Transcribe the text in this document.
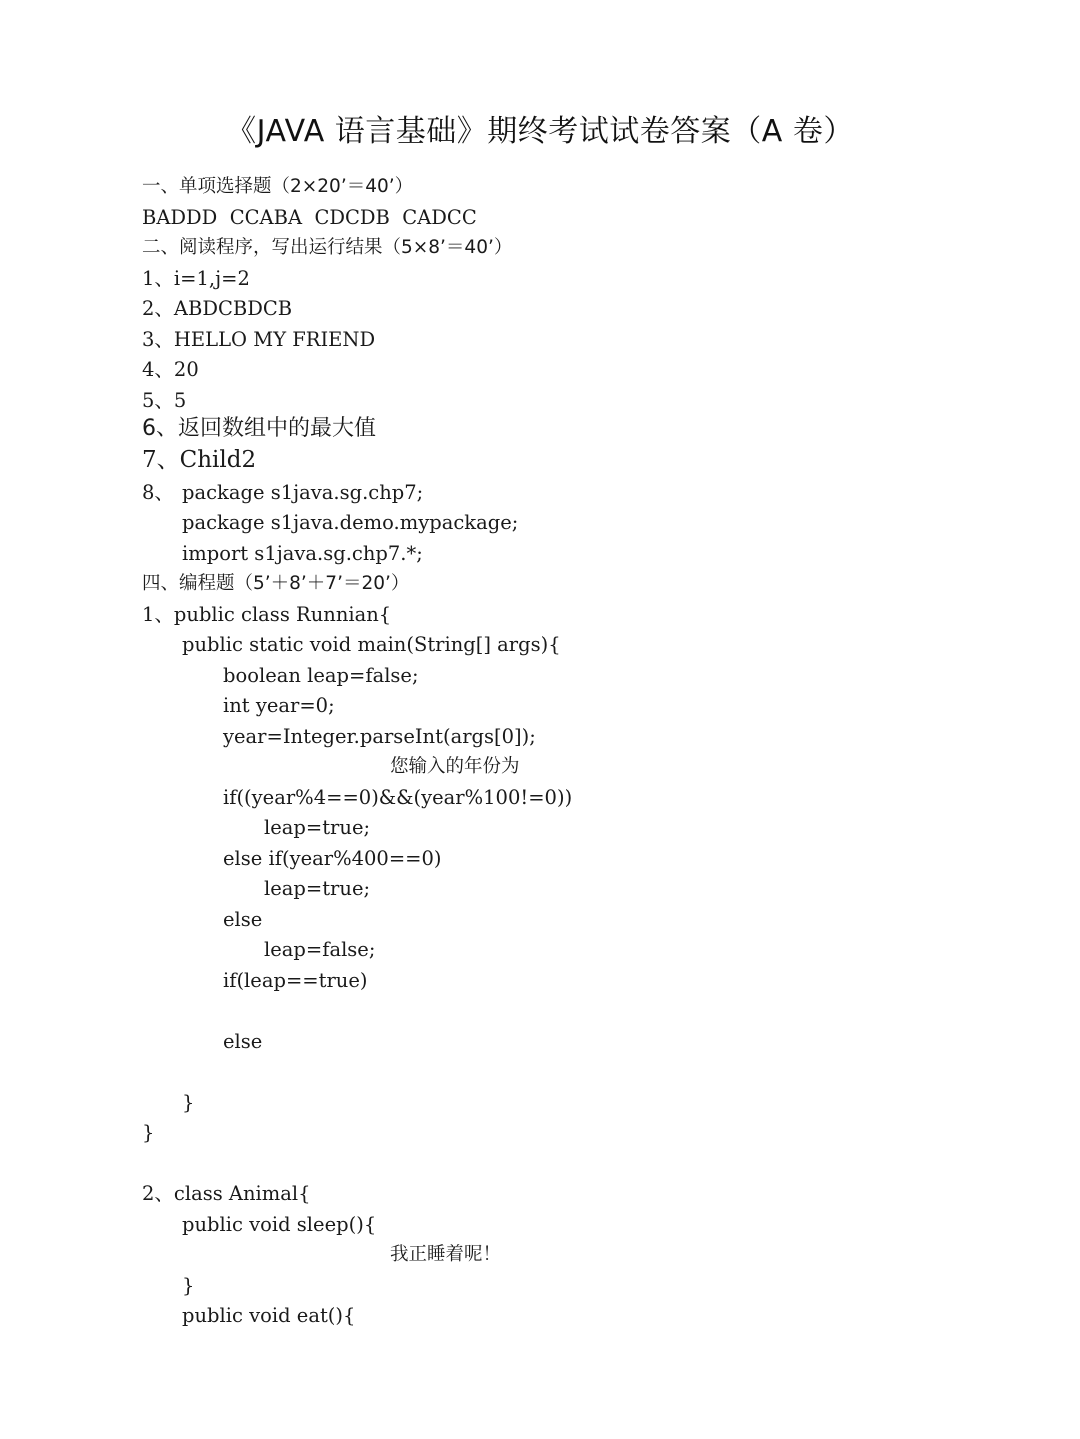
《JAVA 语言基础》期终考试试卷答案（A 卷）
一、单项选择题（2×20’＝40’）
BADDD  CCABA  CDCDB  CADCC
二、阅读程序，写出运行结果（5×8’＝40’）
1、i=1,j=2
2、ABDCBDCB
3、HELLO MY FRIEND
4、20
5、5
6、返回数组中的最大值
7、Child2
8、 package s1java.sg.chp7;
package s1java.demo.mypackage;
import s1java.sg.chp7.*;
四、编程题（5’＋8’＋7’＝20’）
1、public class Runnian{
public static void main(String[] args){
boolean leap=false;
int year=0;
year=Integer.parseInt(args[0]);
您输入的年份为
if((year%4==0)&&(year%100!=0))
leap=true;
else if(year%400==0)
leap=true;
else
leap=false;
if(leap==true)
else
}
}
2、class Animal{
public void sleep(){
我正睡着呢！
}
public void eat(){
